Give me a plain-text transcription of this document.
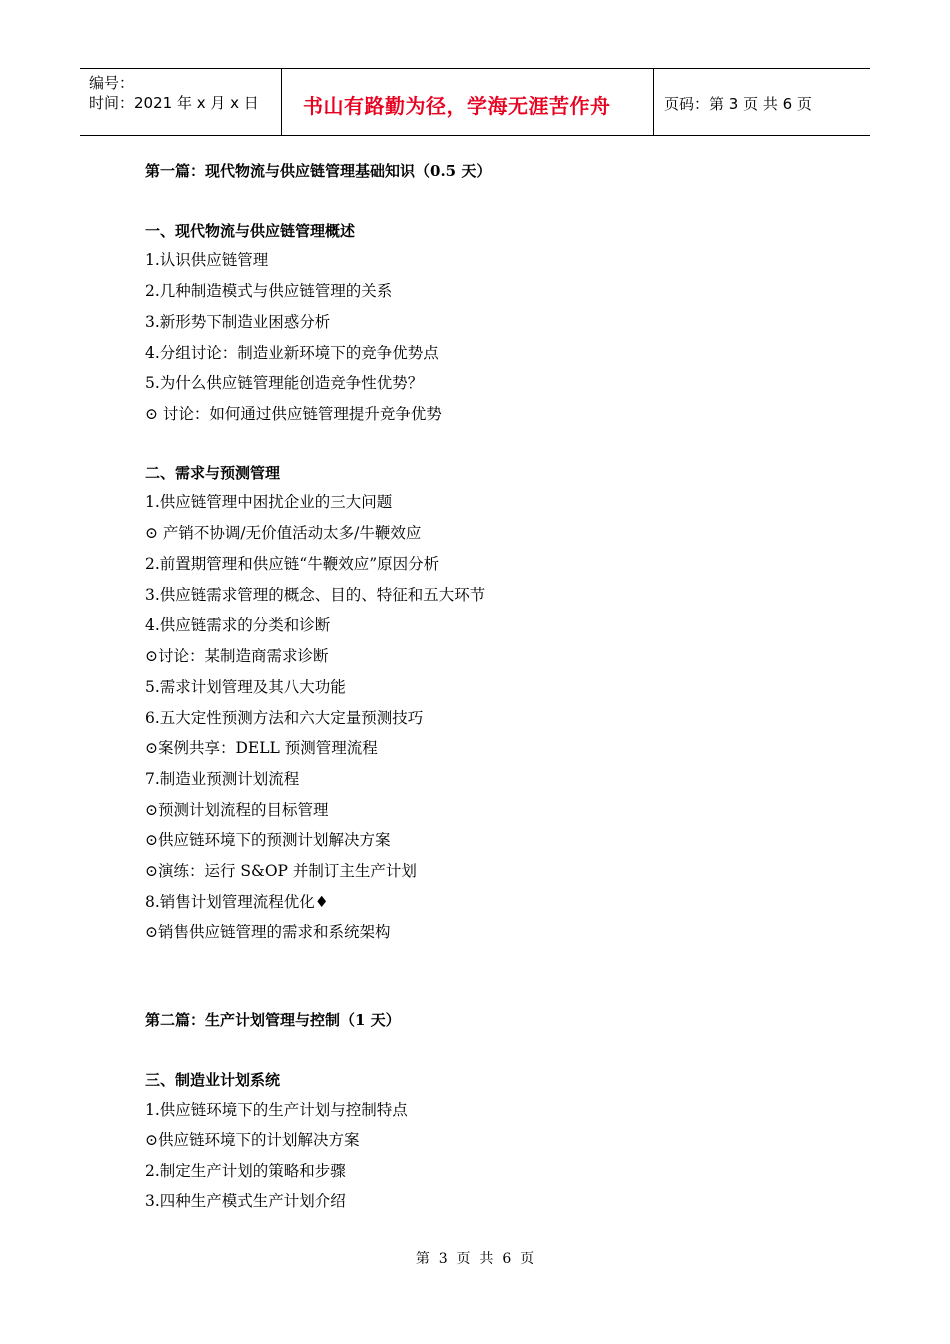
编号：
时间：2021 年 x 月 x 日	书山有路勤为径，学海无涯苦作舟	页码：第 3 页 共 6 页
第一篇：现代物流与供应链管理基础知识（0.5 天）
一、现代物流与供应链管理概述
1.认识供应链管理
2.几种制造模式与供应链管理的关系
3.新形势下制造业困惑分析
4.分组讨论：制造业新环境下的竞争优势点
5.为什么供应链管理能创造竞争性优势？
⊙ 讨论：如何通过供应链管理提升竞争优势
二、需求与预测管理
1.供应链管理中困扰企业的三大问题
⊙ 产销不协调/无价值活动太多/牛鞭效应
2.前置期管理和供应链“牛鞭效应”原因分析
3.供应链需求管理的概念、目的、特征和五大环节
4.供应链需求的分类和诊断
⊙讨论：某制造商需求诊断
5.需求计划管理及其八大功能
6.五大定性预测方法和六大定量预测技巧
⊙案例共享：DELL 预测管理流程
7.制造业预测计划流程
⊙预测计划流程的目标管理
⊙供应链环境下的预测计划解决方案
⊙演练：运行 S&OP 并制订主生产计划
8.销售计划管理流程优化♦
⊙销售供应链管理的需求和系统架构
第二篇：生产计划管理与控制（1 天）
三、制造业计划系统
1.供应链环境下的生产计划与控制特点
⊙供应链环境下的计划解决方案
2.制定生产计划的策略和步骤
3.四种生产模式生产计划介绍
第  3  页  共  6  页
